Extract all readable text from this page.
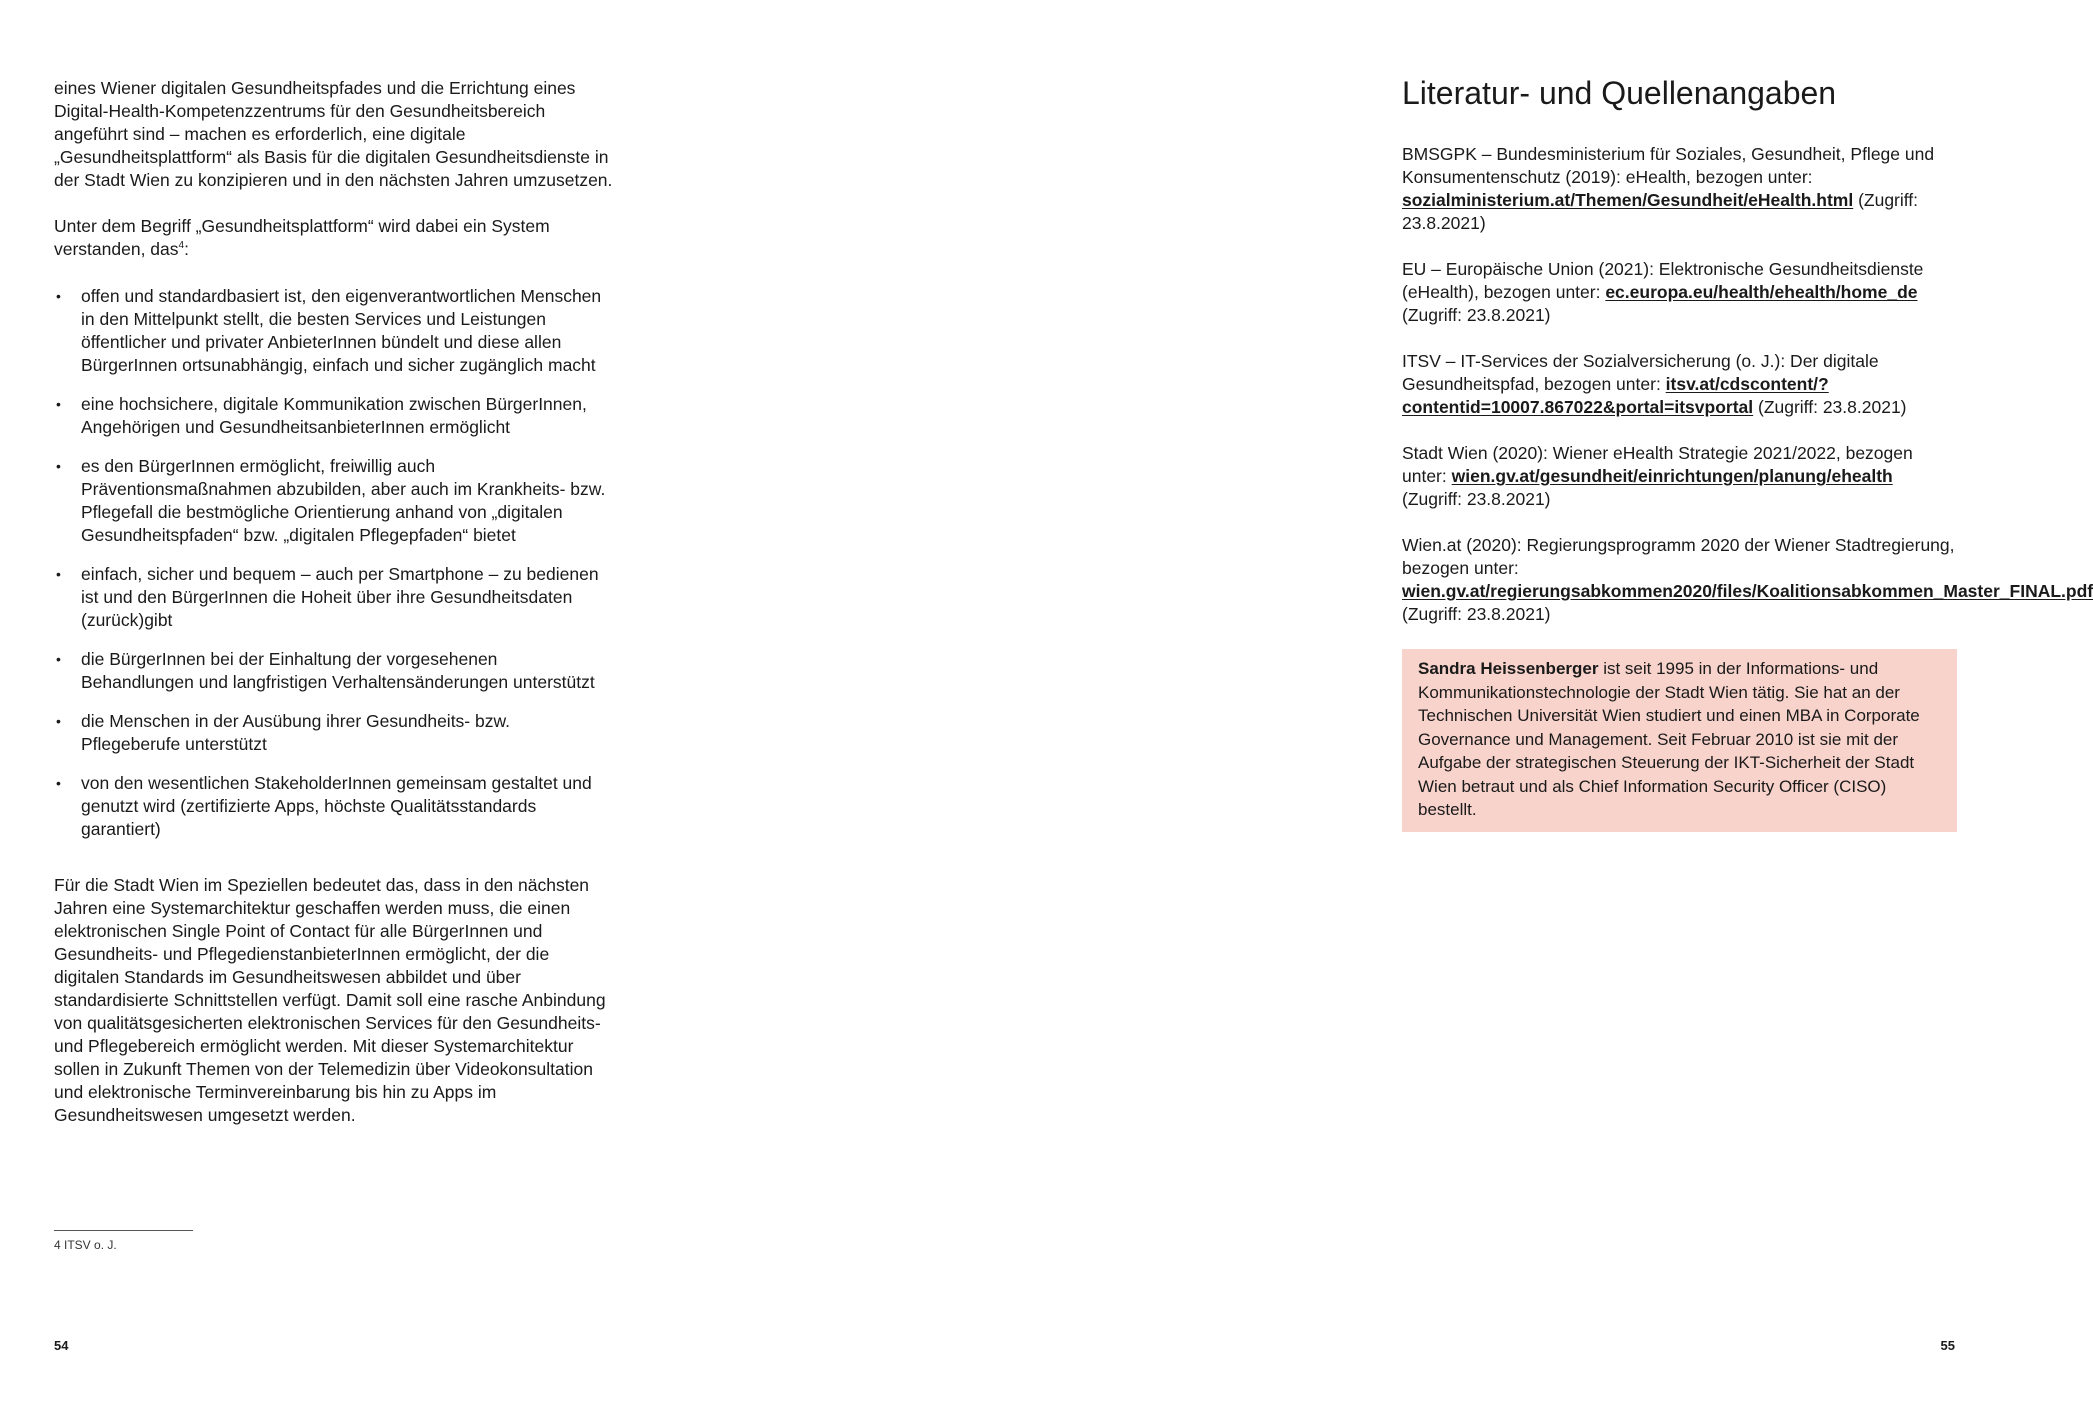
eines Wiener digitalen Gesundheitspfades und die Errichtung eines Digital-Health-Kompetenzzentrums für den Gesundheitsbereich angeführt sind – machen es erforderlich, eine digitale „Gesundheitsplattform“ als Basis für die digitalen Gesundheitsdienste in der Stadt Wien zu konzipieren und in den nächsten Jahren umzusetzen.

Unter dem Begriff „Gesundheitsplattform“ wird dabei ein System verstanden, das$^4$:

• offen und standardbasiert ist, den eigenverantwortlichen Menschen in den Mittelpunkt stellt, die besten Services und Leistungen öffentlicher und privater AnbieterInnen bündelt und diese allen BürgerInnen ortsunabhängig, einfach und sicher zugänglich macht
• eine hochsichere, digitale Kommunikation zwischen BürgerInnen, Angehörigen und GesundheitsanbieterInnen ermöglicht
• es den BürgerInnen ermöglicht, freiwillig auch Präventionsmaßnahmen abzubilden, aber auch im Krankheits- bzw. Pflegefall die bestmögliche Orientierung anhand von „digitalen Gesundheitspfaden“ bzw. „digitalen Pflegepfaden“ bietet
• einfach, sicher und bequem – auch per Smartphone – zu bedienen ist und den BürgerInnen die Hoheit über ihre Gesundheitsdaten (zurück)gibt
• die BürgerInnen bei der Einhaltung der vorgesehenen Behandlungen und langfristigen Verhaltensänderungen unterstützt
• die Menschen in der Ausübung ihrer Gesundheits- bzw. Pflegeberufe unterstützt
• von den wesentlichen StakeholderInnen gemeinsam gestaltet und genutzt wird (zertifizierte Apps, höchste Qualitätsstandards garantiert)

Für die Stadt Wien im Speziellen bedeutet das, dass in den nächsten Jahren eine Systemarchitektur geschaffen werden muss, die einen elektronischen Single Point of Contact für alle BürgerInnen und Gesundheits- und PflegedienstanbieterInnen ermöglicht, der die digitalen Standards im Gesundheitswesen abbildet und über standardisierte Schnittstellen verfügt. Damit soll eine rasche Anbindung von qualitätsgesicherten elektronischen Services für den Gesundheits- und Pflegebereich ermöglicht werden. Mit dieser Systemarchitektur sollen in Zukunft Themen von der Telemedizin über Videokonsultation und elektronische Terminvereinbarung bis hin zu Apps im Gesundheitswesen umgesetzt werden.

4 ITSV o. J.
54
Literatur- und Quellenangaben

BMSGPK – Bundesministerium für Soziales, Gesundheit, Pflege und Konsumentenschutz (2019): eHealth, bezogen unter: sozialministerium.at/Themen/Gesundheit/eHealth.html (Zugriff: 23.8.2021)

EU – Europäische Union (2021): Elektronische Gesundheitsdienste (eHealth), bezogen unter: ec.europa.eu/health/ehealth/home_de (Zugriff: 23.8.2021)

ITSV – IT-Services der Sozialversicherung (o. J.): Der digitale Gesundheitspfad, bezogen unter: itsv.at/cdscontent/?contentid=10007.867022&portal=itsvportal (Zugriff: 23.8.2021)

Stadt Wien (2020): Wiener eHealth Strategie 2021/2022, bezogen unter: wien.gv.at/gesundheit/einrichtungen/planung/ehealth (Zugriff: 23.8.2021)

Wien.at (2020): Regierungsprogramm 2020 der Wiener Stadtregierung, bezogen unter: wien.gv.at/regierungsabkommen2020/files/Koalitionsabkommen_Master_FINAL.pdf (Zugriff: 23.8.2021)

Sandra Heissenberger ist seit 1995 in der Informations- und Kommunikationstechnologie der Stadt Wien tätig. Sie hat an der Technischen Universität Wien studiert und einen MBA in Corporate Governance und Management. Seit Februar 2010 ist sie mit der Aufgabe der strategischen Steuerung der IKT-Sicherheit der Stadt Wien betraut und als Chief Information Security Officer (CISO) bestellt.
55
